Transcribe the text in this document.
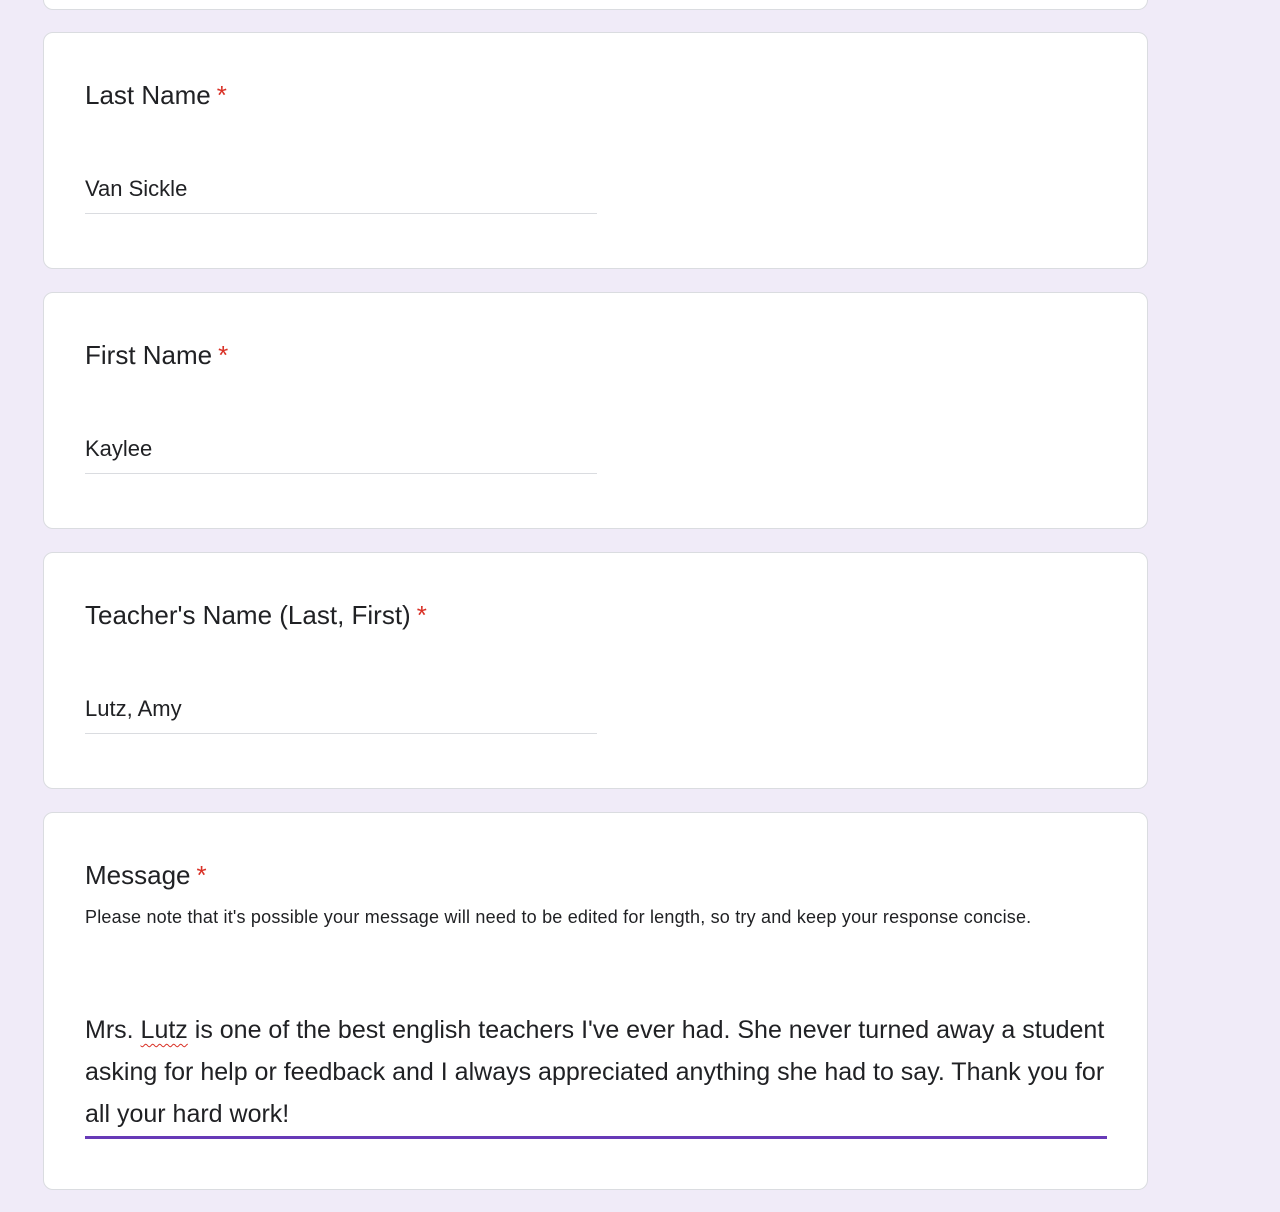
Last Name *
Van Sickle
First Name *
Kaylee
Teacher's Name (Last, First) *
Lutz, Amy
Message *
Please note that it's possible your message will need to be edited for length, so try and keep your response concise.
Mrs. Lutz is one of the best english teachers I've ever had. She never turned away a student asking for help or feedback and I always appreciated anything she had to say. Thank you for all your hard work!
